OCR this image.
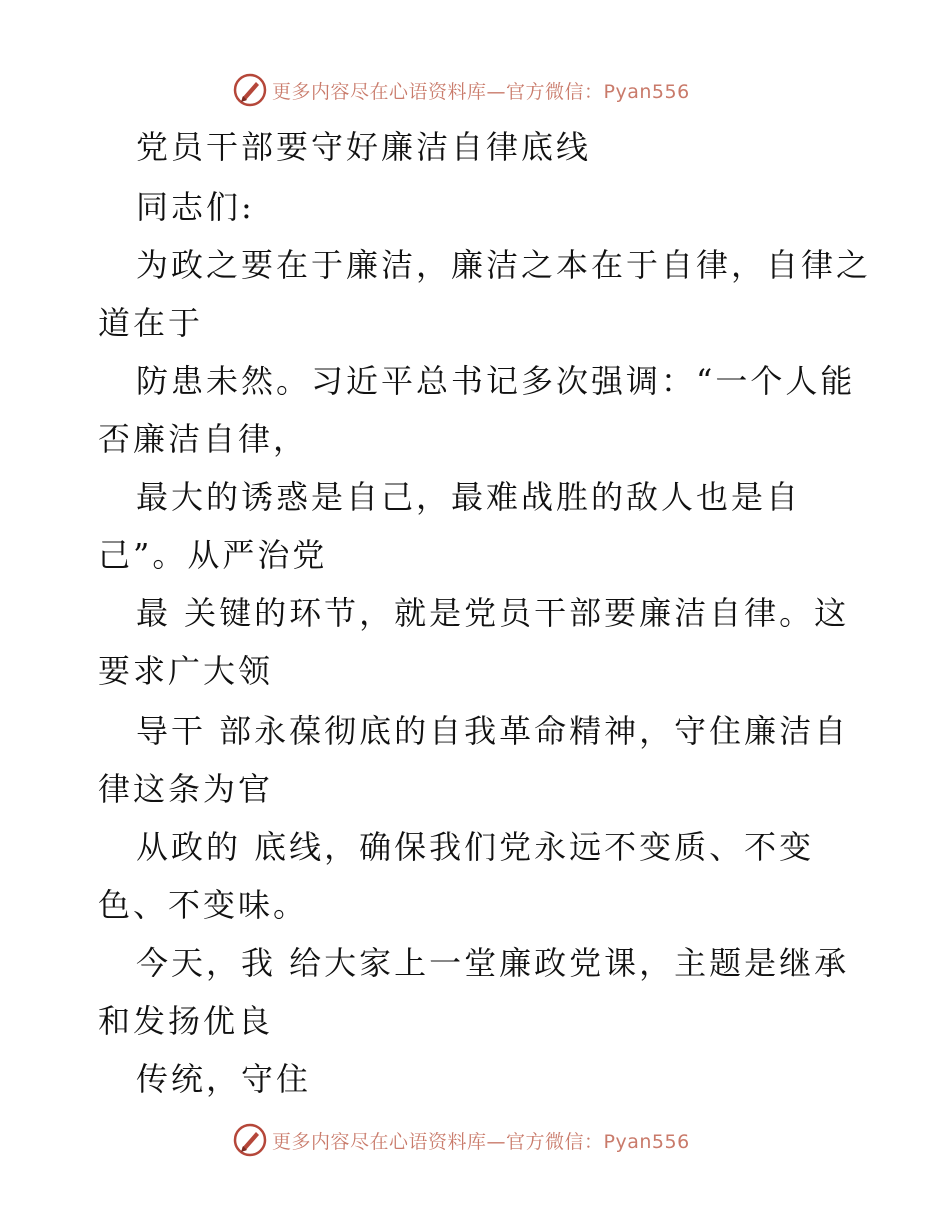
更多内容尽在心语资料库—官方微信：Pyan556
党员干部要守好廉洁自律底线
同志们:
为政之要在于廉洁，廉洁之本在于自律，自律之
道在于
防患未然。习近平总书记多次强调：“一个人能
否廉洁自律，
最大的诱惑是自己，最难战胜的敌人也是自
己”。从严治党
最 关键的环节，就是党员干部要廉洁自律。这
要求广大领
导干 部永葆彻底的自我革命精神，守住廉洁自
律这条为官
从政的 底线，确保我们党永远不变质、不变
色、不变味。
今天，我 给大家上一堂廉政党课，主题是继承
和发扬优良
传统，守住
更多内容尽在心语资料库—官方微信：Pyan556
